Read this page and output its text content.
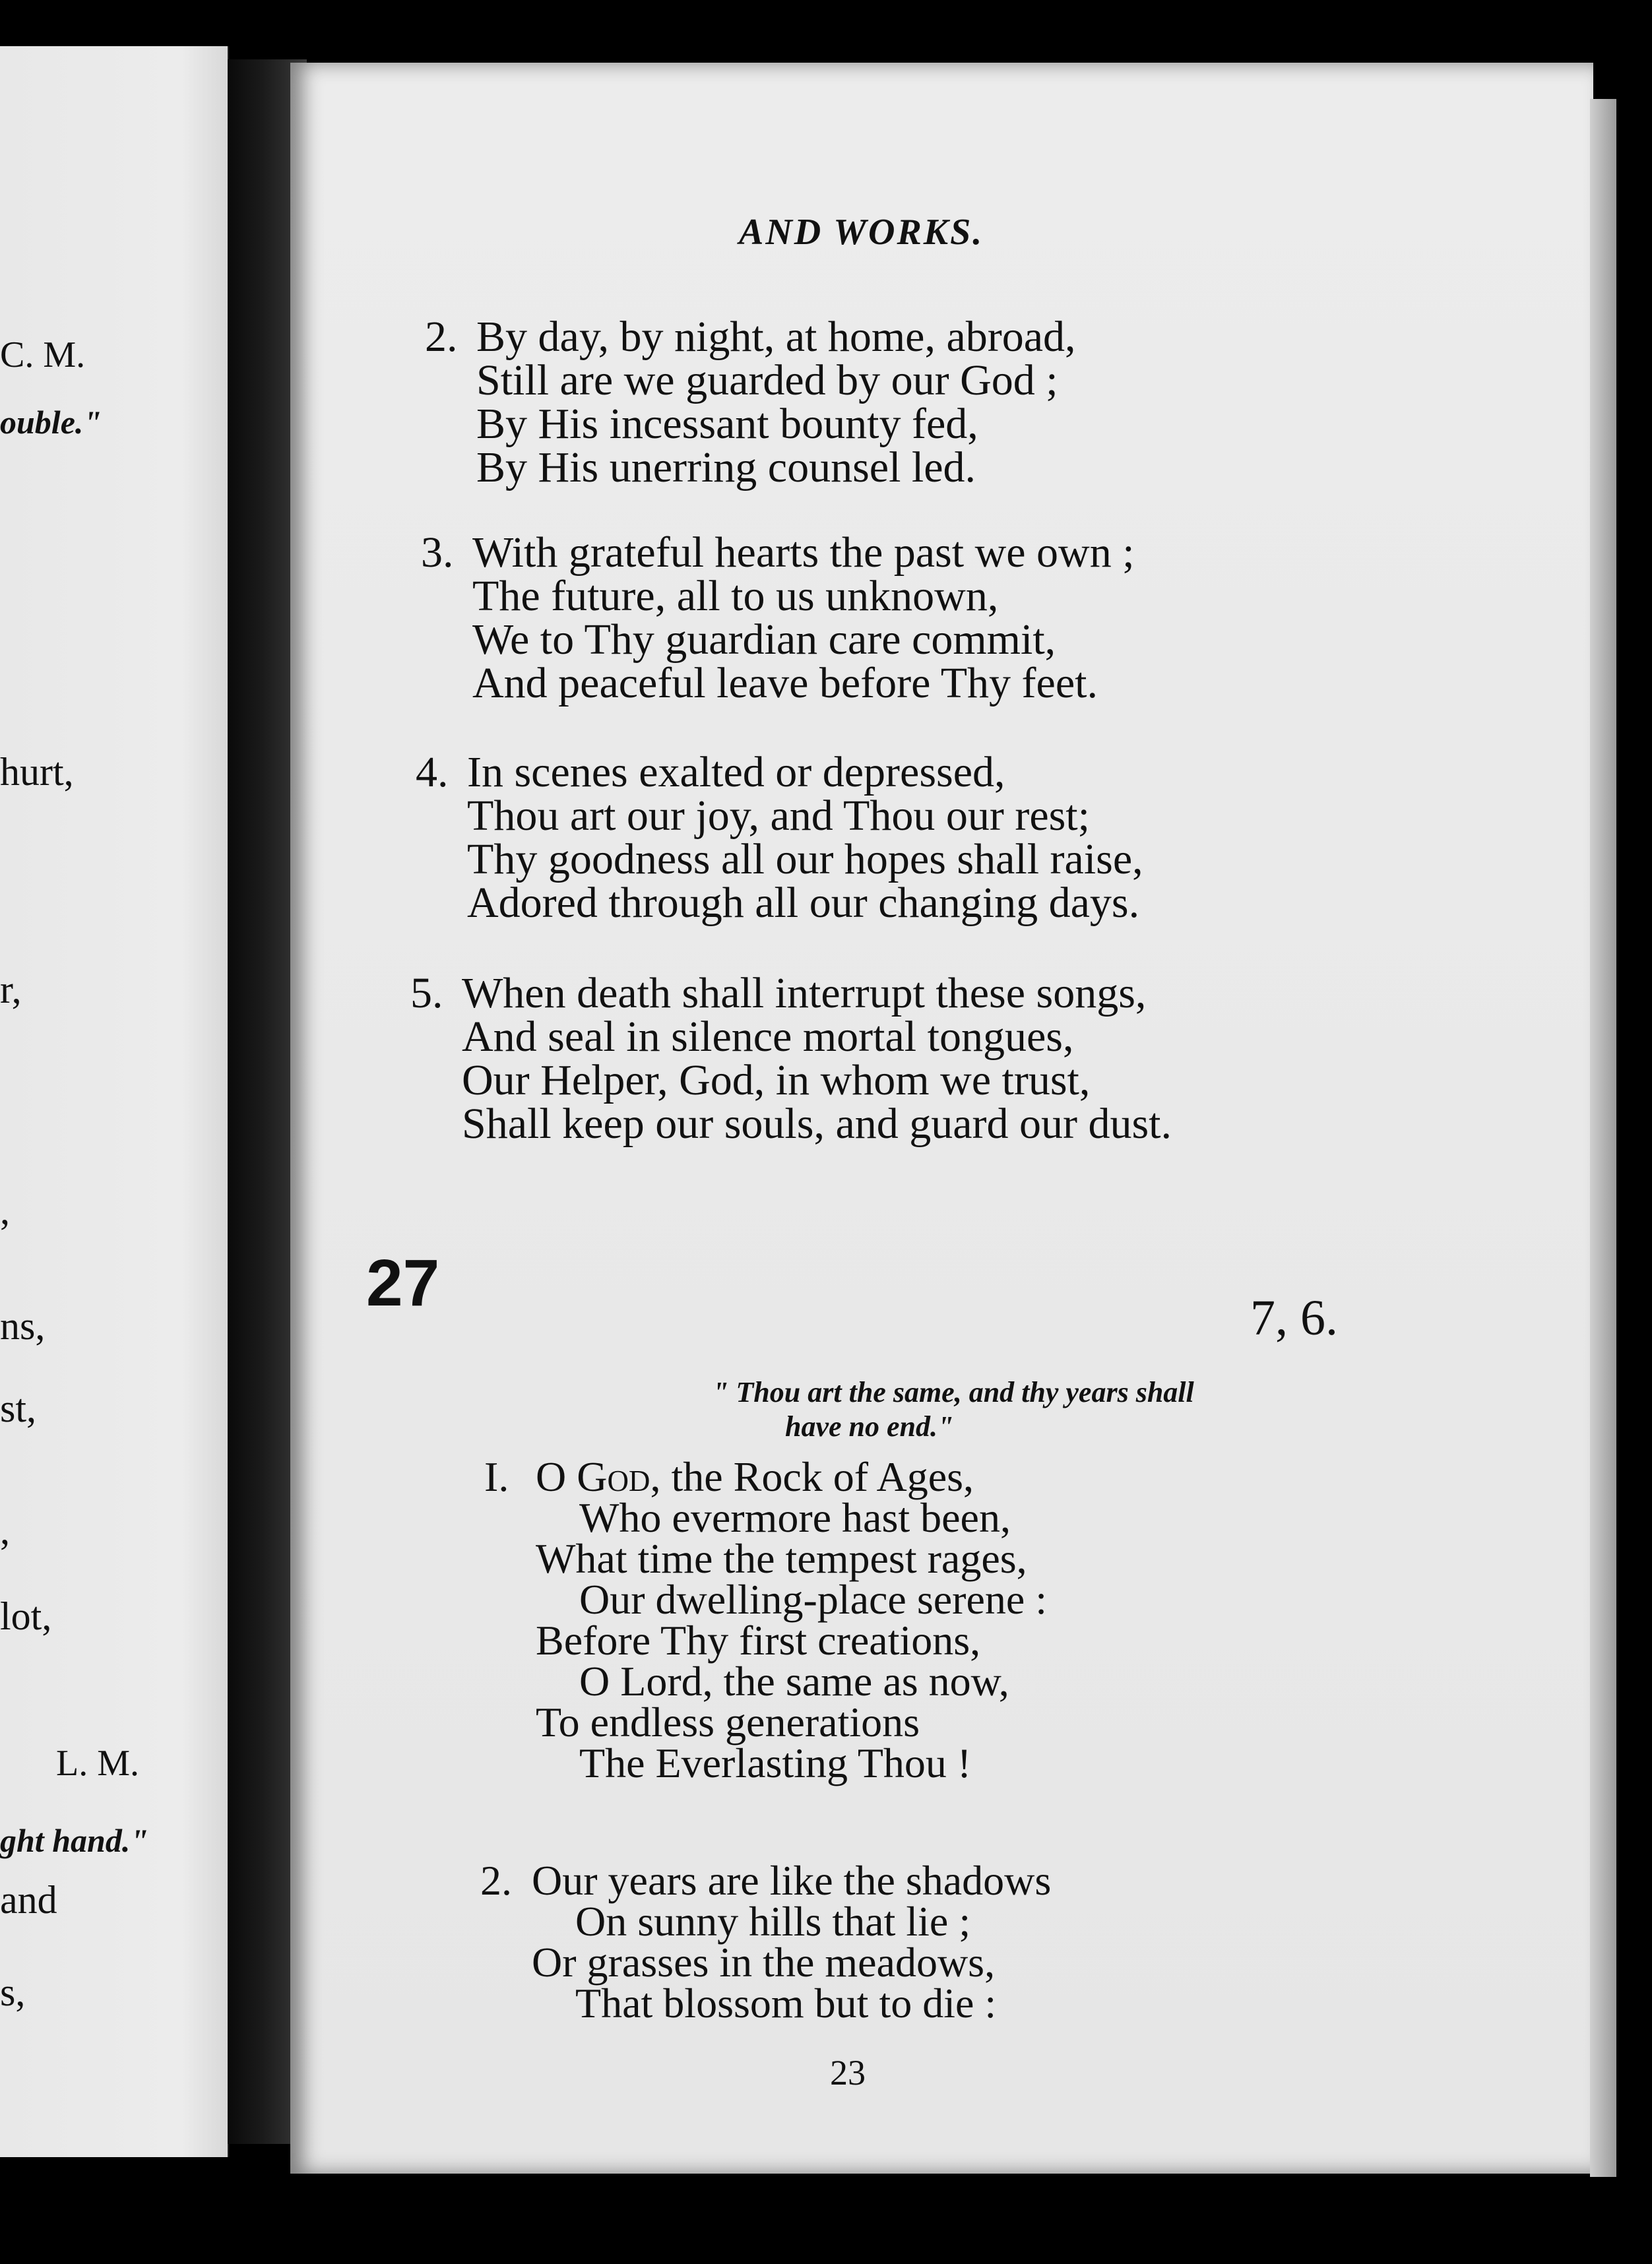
C. M.
ouble."
hurt,
r,
,
ns,
st,
,
lot,
L. M.
ght hand."
and
s,
AND WORKS.
2. By day, by night, at home, abroad,
Still are we guarded by our God ;
By His incessant bounty fed,
By His unerring counsel led.
3. With grateful hearts the past we own ;
The future, all to us unknown,
We to Thy guardian care commit,
And peaceful leave before Thy feet.
4. In scenes exalted or depressed,
Thou art our joy, and Thou our rest;
Thy goodness all our hopes shall raise,
Adored through all our changing days.
5. When death shall interrupt these songs,
And seal in silence mortal tongues,
Our Helper, God, in whom we trust,
Shall keep our souls, and guard our dust.
27	7, 6.
" Thou art the same, and thy years shall
have no end."
I. O God, the Rock of Ages,
Who evermore hast been,
What time the tempest rages,
Our dwelling-place serene :
Before Thy first creations,
O Lord, the same as now,
To endless generations
The Everlasting Thou !
2. Our years are like the shadows
On sunny hills that lie ;
Or grasses in the meadows,
That blossom but to die :
23
